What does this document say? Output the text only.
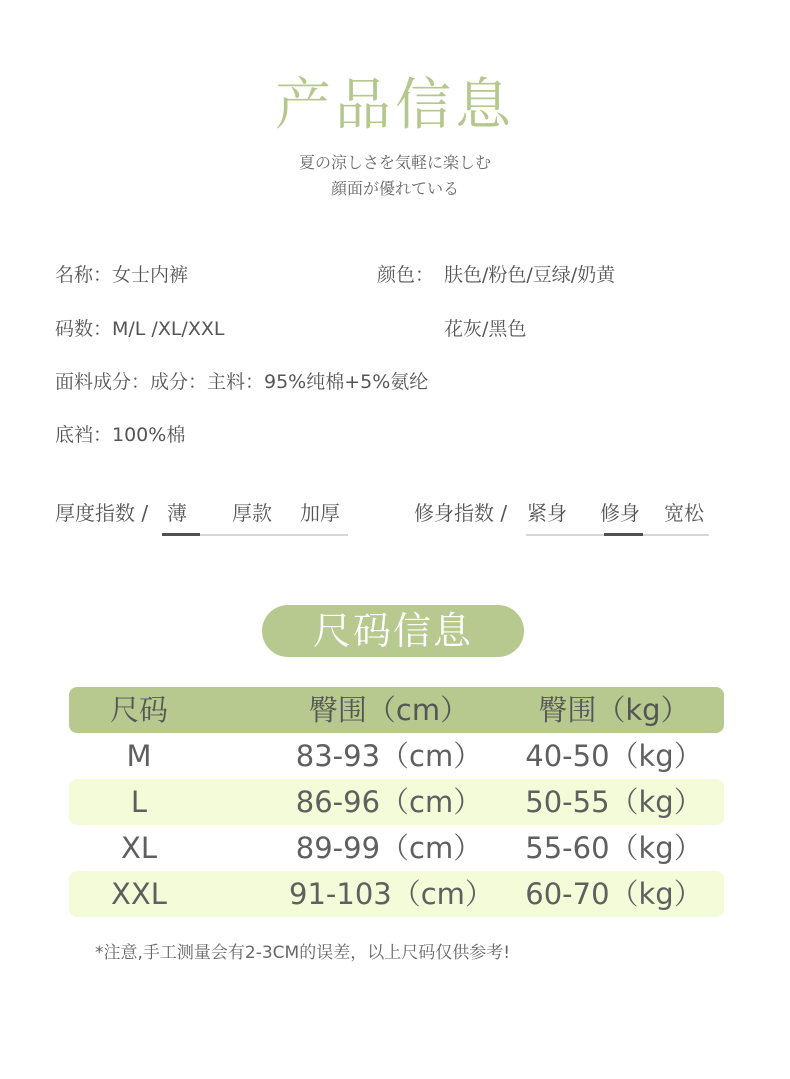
产品信息
夏の涼しさを気軽に楽しむ
顔面が優れている
名称：女士内裤
码数：M/L /XL/XXL
面料成分：成分：主料：95%纯棉+5%氨纶
底裆：100%棉
颜色： 肤色/粉色/豆绿/奶黄
花灰/黑色
厚度指数 / 薄 厚款 加厚	修身指数 / 紧身 修身 宽松
尺码信息
尺码	臀围（cm）	臀围（kg）
M	83-93（cm）	40-50（kg）
L	86-96（cm）	50-55（kg）
XL	89-99（cm）	55-60（kg）
XXL	91-103（cm）	60-70（kg）
*注意,手工测量会有2-3CM的误差，以上尺码仅供参考!
